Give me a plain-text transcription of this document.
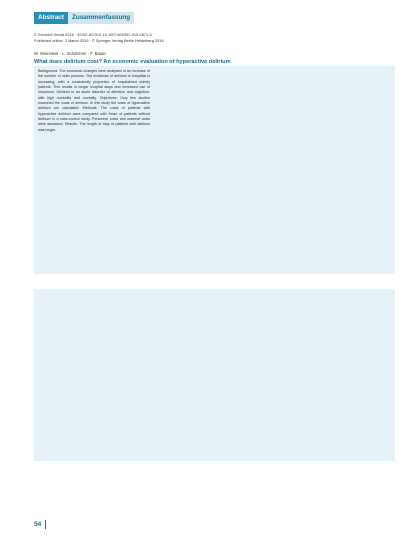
Abstract	Zusammenfassung
Z Gerontol Geriat 2016 · 49:52–60 DOI 10.1007/s00391-015-0871-6
Published online: 2 March 2016 · © Springer-Verlag Berlin Heidelberg 2016
W. Weinstein · L. Schnitzner · F. Bauer
What does delirium cost? An economic evaluation of hyperactive delirium

Background. The economic changes were analysed in an increase of the number of older persons. The incidence of delirium in hospitals is increasing, with a consistently proportion of hospitalised elderly patients. This results in longer hospital stays and increased use of resources. Delirium is an acute disorder of attention and cognition, with high morbidity and mortality. Objectives: Only few studies examined the costs of delirium. In this study the costs of hyperactive delirium are calculated. Methods: The costs of patients with hyperactive delirium were compared with those of patients without delirium in a case-control study. Personnel costs and material costs were assessed. Results: The length of stay of patients with delirium was longer.

54
